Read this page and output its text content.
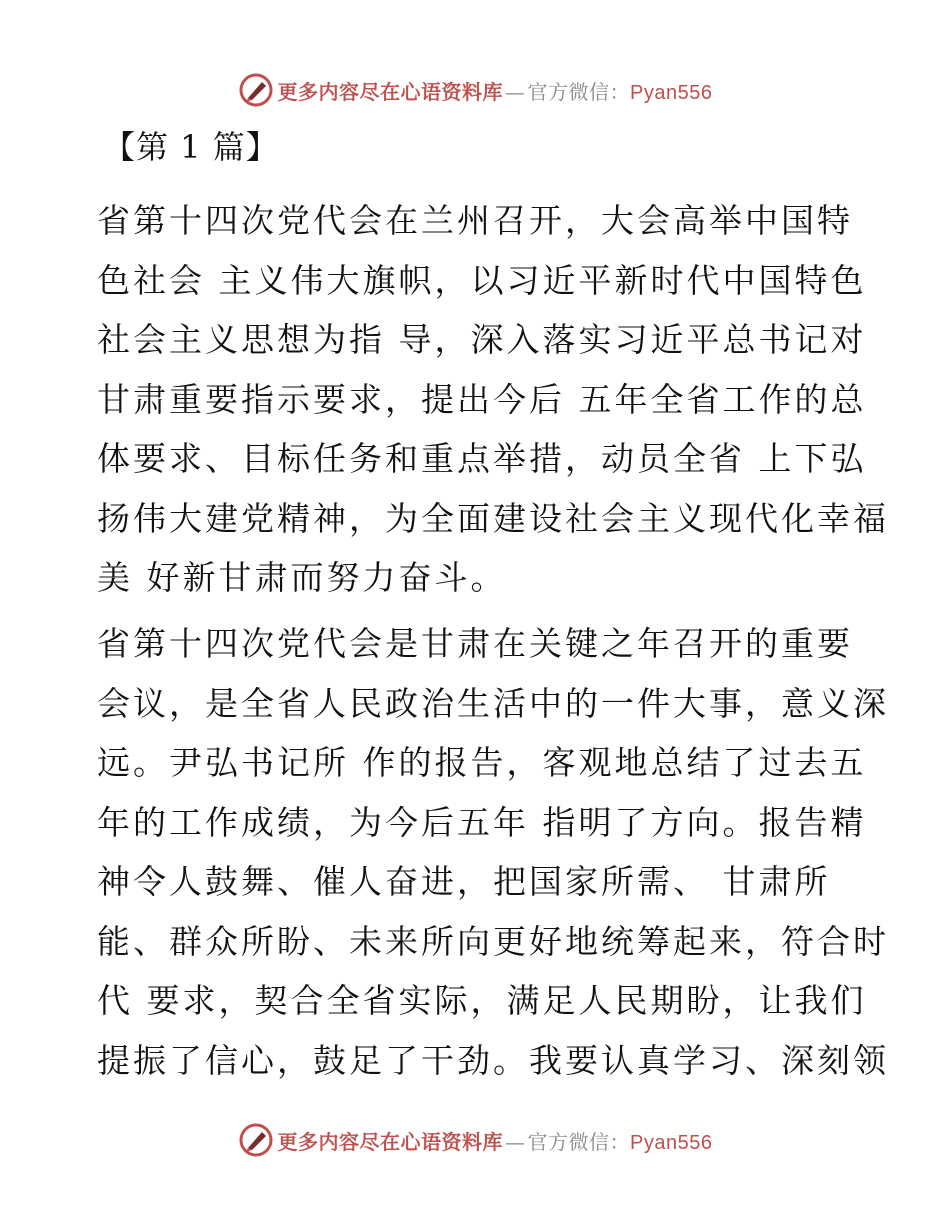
更多内容尽在心语资料库 — 官方微信：Pyan556
【第 1 篇】

省第十四次党代会在兰州召开，大会高举中国特
色社会 主义伟大旗帜，以习近平新时代中国特色
社会主义思想为指 导，深入落实习近平总书记对
甘肃重要指示要求，提出今后 五年全省工作的总
体要求、目标任务和重点举措，动员全省 上下弘
扬伟大建党精神，为全面建设社会主义现代化幸福
美 好新甘肃而努力奋斗。

省第十四次党代会是甘肃在关键之年召开的重要
会议，是全省人民政治生活中的一件大事，意义深
远。尹弘书记所 作的报告，客观地总结了过去五
年的工作成绩，为今后五年 指明了方向。报告精
神令人鼓舞、催人奋进，把国家所需、 甘肃所
能、群众所盼、未来所向更好地统筹起来，符合时
代 要求，契合全省实际，满足人民期盼，让我们
提振了信心，鼓足了干劲。我要认真学习、深刻领

更多内容尽在心语资料库 — 官方微信：Pyan556
